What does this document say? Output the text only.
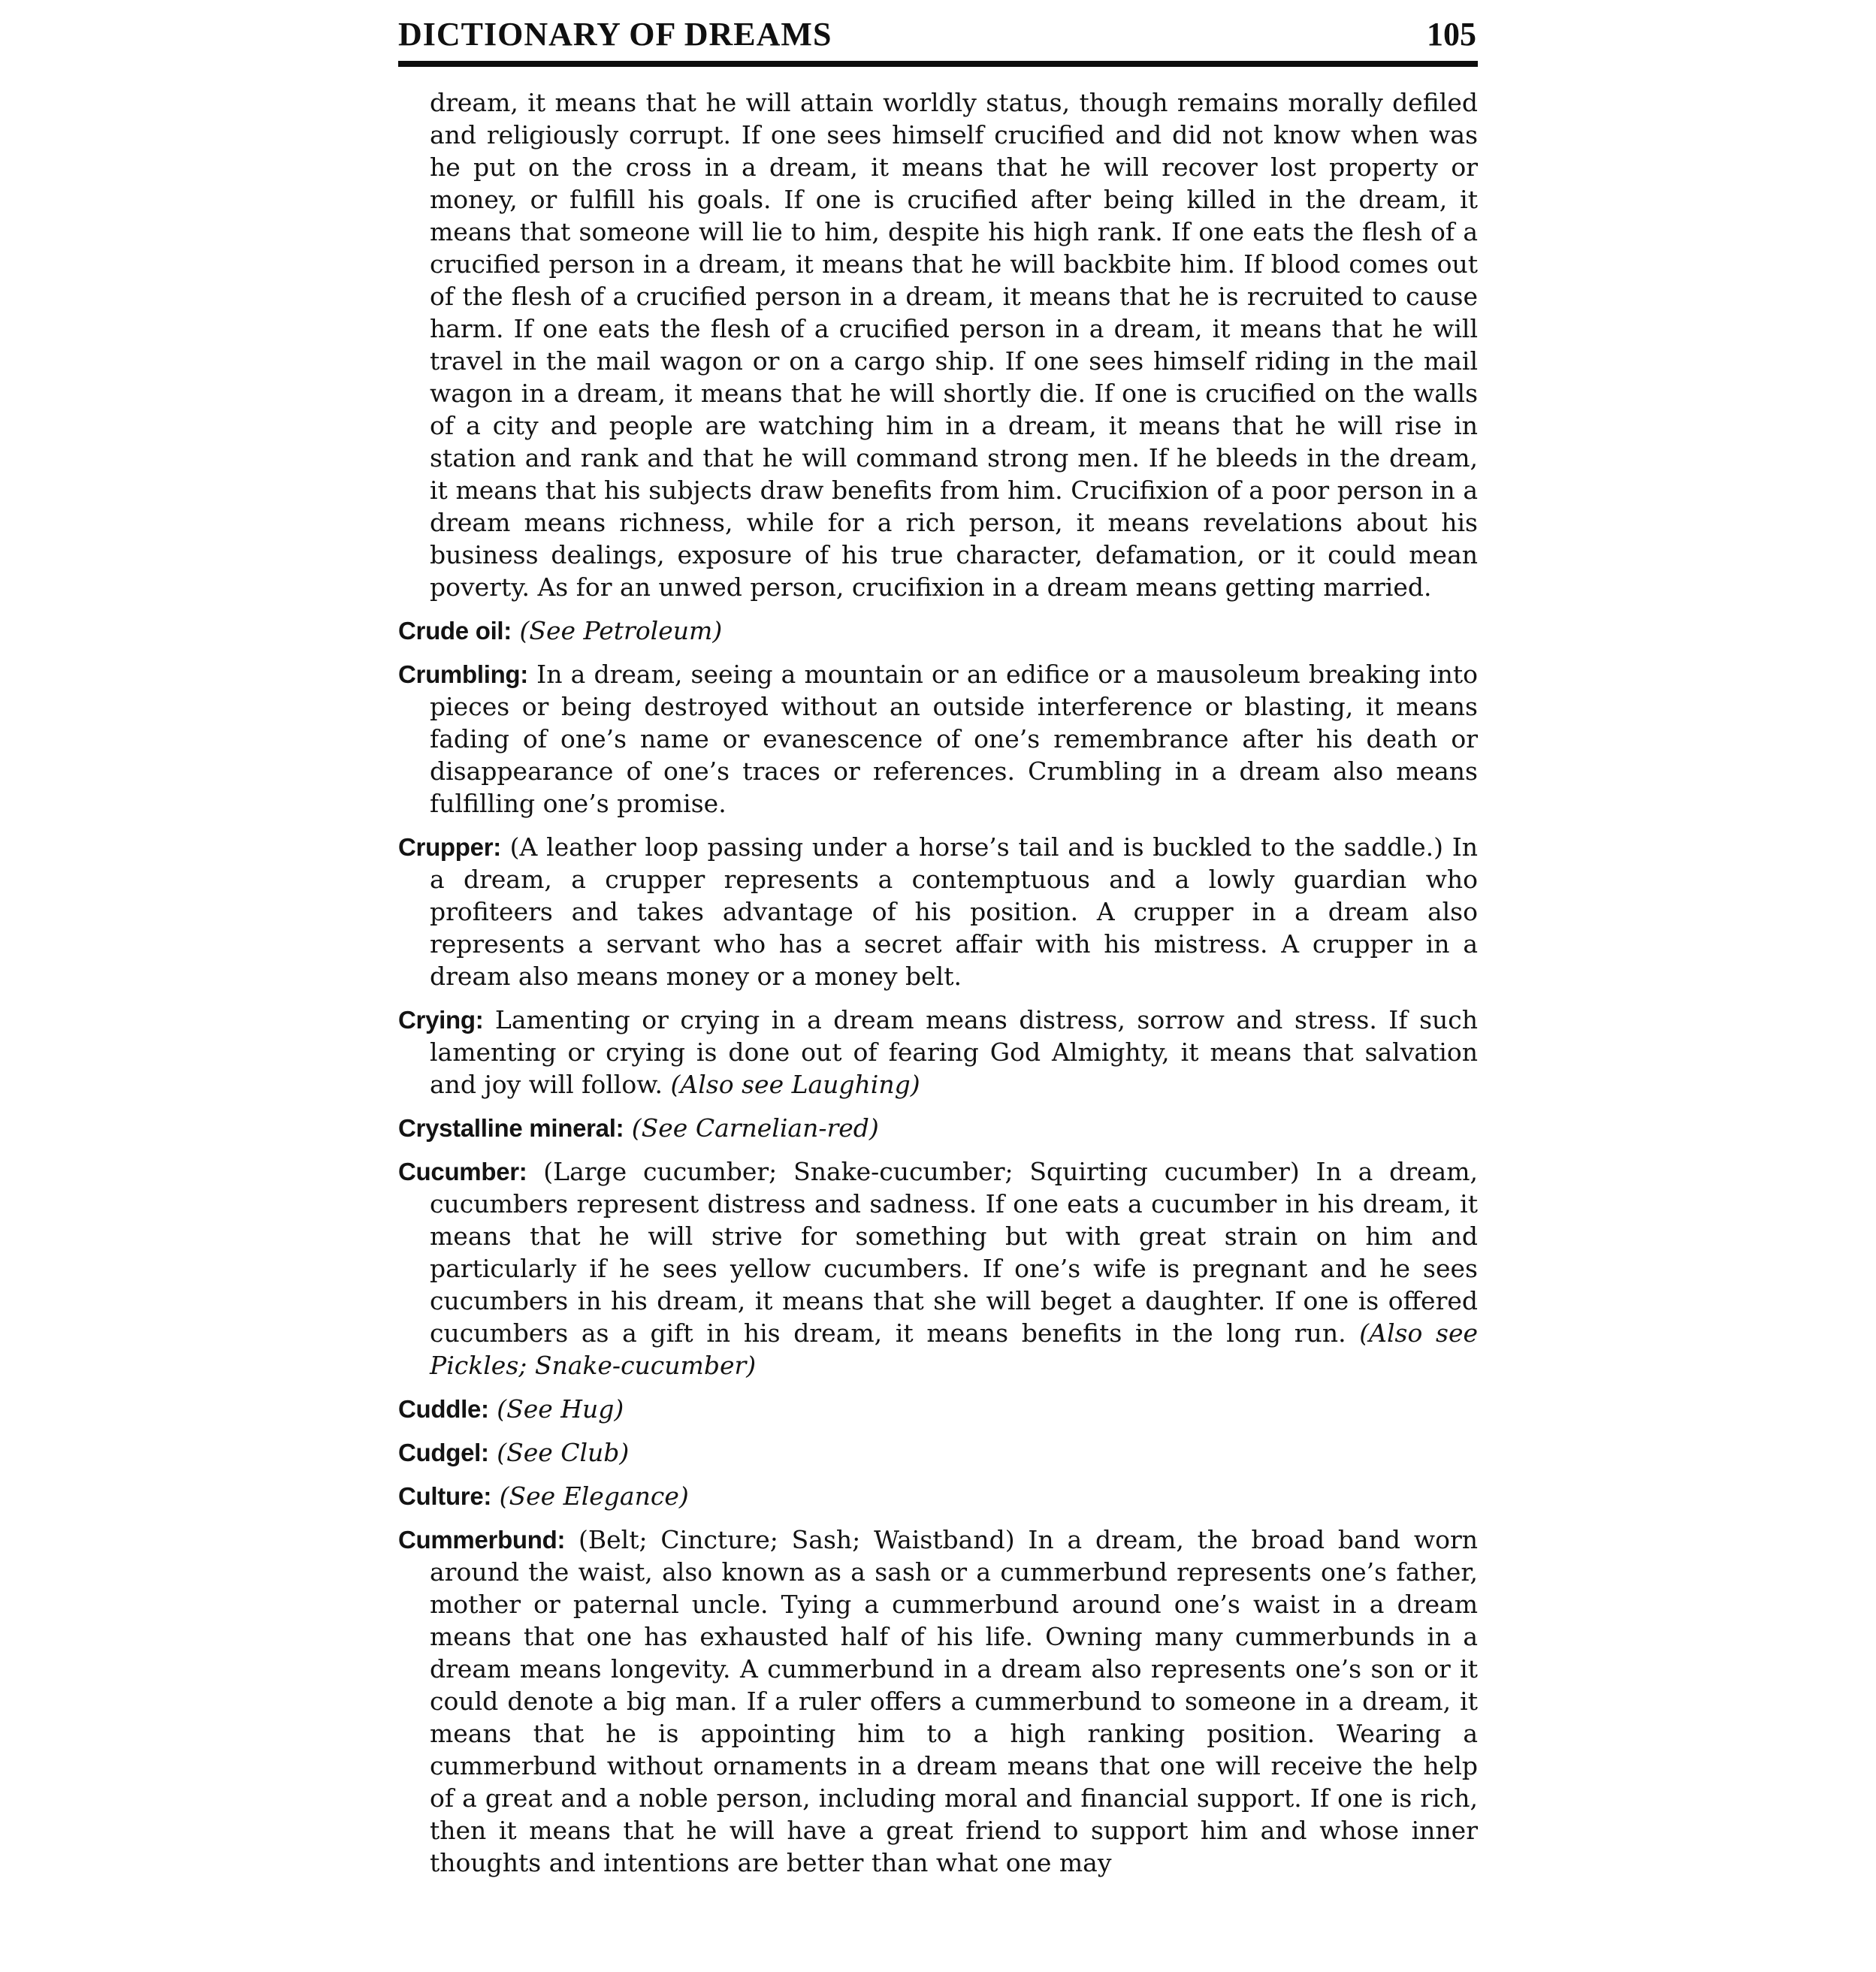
DICTIONARY OF DREAMS	105

dream, it means that he will attain worldly status, though remains morally defiled and religiously corrupt. If one sees himself crucified and did not know when was he put on the cross in a dream, it means that he will recover lost property or money, or fulfill his goals. If one is crucified after being killed in the dream, it means that someone will lie to him, despite his high rank. If one eats the flesh of a crucified person in a dream, it means that he will backbite him. If blood comes out of the flesh of a crucified person in a dream, it means that he is recruited to cause harm. If one eats the flesh of a crucified person in a dream, it means that he will travel in the mail wagon or on a cargo ship. If one sees himself riding in the mail wagon in a dream, it means that he will shortly die. If one is crucified on the walls of a city and people are watching him in a dream, it means that he will rise in station and rank and that he will command strong men. If he bleeds in the dream, it means that his subjects draw benefits from him. Crucifixion of a poor person in a dream means richness, while for a rich person, it means revelations about his business dealings, exposure of his true character, defamation, or it could mean poverty. As for an unwed person, crucifixion in a dream means getting married.

Crude oil: (See Petroleum)

Crumbling: In a dream, seeing a mountain or an edifice or a mausoleum breaking into pieces or being destroyed without an outside interference or blasting, it means fading of one’s name or evanescence of one’s remembrance after his death or disappearance of one’s traces or references. Crumbling in a dream also means fulfilling one’s promise.

Crupper: (A leather loop passing under a horse’s tail and is buckled to the saddle.) In a dream, a crupper represents a contemptuous and a lowly guardian who profiteers and takes advantage of his position. A crupper in a dream also represents a servant who has a secret affair with his mistress. A crupper in a dream also means money or a money belt.

Crying: Lamenting or crying in a dream means distress, sorrow and stress. If such lamenting or crying is done out of fearing God Almighty, it means that salvation and joy will follow. (Also see Laughing)

Crystalline mineral: (See Carnelian-red)

Cucumber: (Large cucumber; Snake-cucumber; Squirting cucumber) In a dream, cucumbers represent distress and sadness. If one eats a cucumber in his dream, it means that he will strive for something but with great strain on him and particularly if he sees yellow cucumbers. If one’s wife is pregnant and he sees cucumbers in his dream, it means that she will beget a daughter. If one is offered cucumbers as a gift in his dream, it means benefits in the long run. (Also see Pickles; Snake-cucumber)

Cuddle: (See Hug)

Cudgel: (See Club)

Culture: (See Elegance)

Cummerbund: (Belt; Cincture; Sash; Waistband) In a dream, the broad band worn around the waist, also known as a sash or a cummerbund represents one’s father, mother or paternal uncle. Tying a cummerbund around one’s waist in a dream means that one has exhausted half of his life. Owning many cummerbunds in a dream means longevity. A cummerbund in a dream also represents one’s son or it could denote a big man. If a ruler offers a cummerbund to someone in a dream, it means that he is appointing him to a high ranking position. Wearing a cummerbund without ornaments in a dream means that one will receive the help of a great and a noble person, including moral and financial support. If one is rich, then it means that he will have a great friend to support him and whose inner thoughts and intentions are better than what one may
